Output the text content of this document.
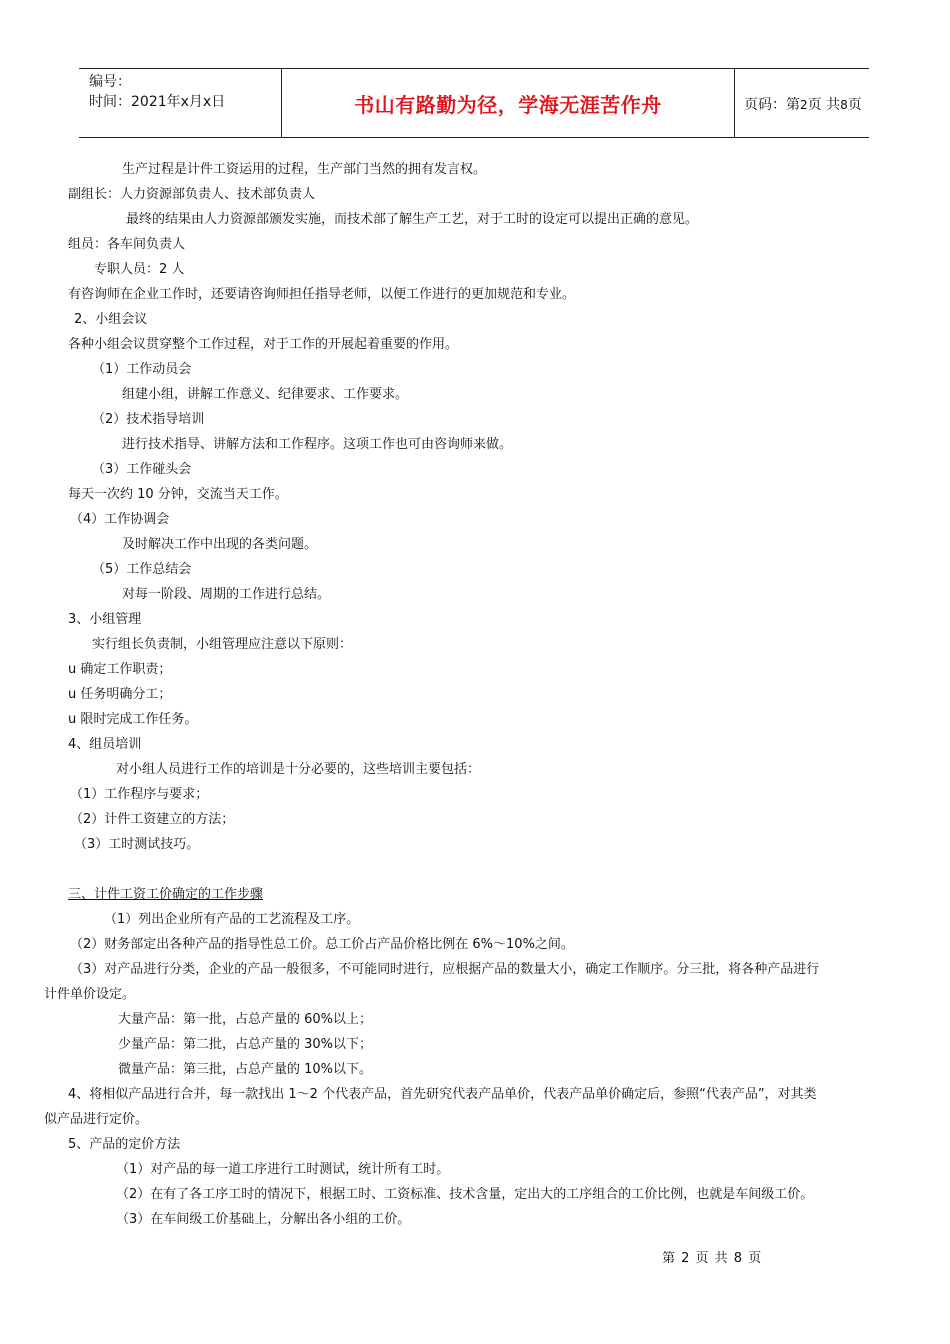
编号：
时间：2021年x月x日	书山有路勤为径，学海无涯苦作舟	页码：第2页 共8页
生产过程是计件工资运用的过程，生产部门当然的拥有发言权。
副组长：人力资源部负责人、技术部负责人
最终的结果由人力资源部颁发实施，而技术部了解生产工艺，对于工时的设定可以提出正确的意见。
组员：各车间负责人
专职人员：2 人
有咨询师在企业工作时，还要请咨询师担任指导老师，以便工作进行的更加规范和专业。
2、小组会议
各种小组会议贯穿整个工作过程，对于工作的开展起着重要的作用。
（1）工作动员会
组建小组，讲解工作意义、纪律要求、工作要求。
（2）技术指导培训
进行技术指导、讲解方法和工作程序。这项工作也可由咨询师来做。
（3）工作碰头会
每天一次约 10 分钟，交流当天工作。
（4）工作协调会
及时解决工作中出现的各类问题。
（5）工作总结会
对每一阶段、周期的工作进行总结。
3、小组管理
实行组长负责制，小组管理应注意以下原则：
u 确定工作职责；
u 任务明确分工；
u 限时完成工作任务。
4、组员培训
对小组人员进行工作的培训是十分必要的，这些培训主要包括：
（1）工作程序与要求；
（2）计件工资建立的方法；
（3）工时测试技巧。
三、计件工资工价确定的工作步骤
（1）列出企业所有产品的工艺流程及工序。
（2）财务部定出各种产品的指导性总工价。总工价占产品价格比例在 6%～10%之间。
（3）对产品进行分类，企业的产品一般很多，不可能同时进行，应根据产品的数量大小，确定工作顺序。分三批，将各种产品进行
计件单价设定。
大量产品：第一批，占总产量的 60%以上；
少量产品：第二批，占总产量的 30%以下；
微量产品：第三批，占总产量的 10%以下。
4、将相似产品进行合并，每一款找出 1～2 个代表产品，首先研究代表产品单价，代表产品单价确定后，参照“代表产品”，对其类
似产品进行定价。
5、产品的定价方法
（1）对产品的每一道工序进行工时测试，统计所有工时。
（2）在有了各工序工时的情况下，根据工时、工资标准、技术含量，定出大的工序组合的工价比例，也就是车间级工价。
（3）在车间级工价基础上，分解出各小组的工价。
第 2 页 共 8 页
